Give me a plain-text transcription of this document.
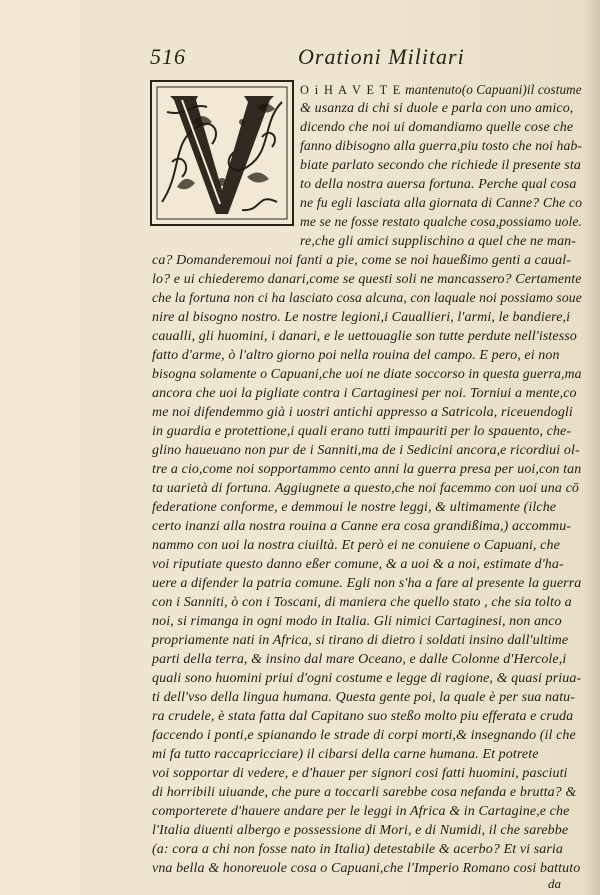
516	Orationi Militari
O i H A V E T E mantenuto(o Capuani)il costume
& usanza di chi si duole e parla con uno amico,
dicendo che noi ui domandiamo quelle cose che
fanno dibisogno alla guerra,piu tosto che noi hab-
biate parlato secondo che richiede il presente sta
to della nostra auersa fortuna. Perche qual cosa
ne fu egli lasciata alla giornata di Canne? Che co
me se ne fosse restato qualche cosa,possiamo uole.
re,che gli amici supplischino a quel che ne man-
ca? Domanderemoui noi fanti a pie, come se noi haueßimo genti a caual-
lo? e ui chiederemo danari,come se questi soli ne mancassero? Certamente
che la fortuna non ci ha lasciato cosa alcuna, con laquale noi possiamo soue
nire al bisogno nostro. Le nostre legioni,i Caualliеri, l'armi, le bandiere,i
caualli, gli huomini, i danari, e le uettouaglie son tutte perdute nell'istesso
fatto d'arme, ò l'altro giorno poi nella rouina del campo. E pero, ei non
bisogna solamente o Capuani,che uoi ne diate soccorso in questa guerra,ma
ancora che uoi la pigliate contra i Cartaginesi per noi. Torniui a mente,co
me noi difendemmo già i uostri antichi appresso a Satricola, riceuendogli
in guardia e protettione,i quali erano tutti impauriti per lo spauento, che-
glino haueuano non pur de i Sanniti,ma de i Sedicini ancora,e ricordiui ol-
tre a cio,come noi sopportammo cento anni la guerra presa per uoi,con tan
ta uarietà di fortuna. Aggiugnete a questo,che noi facemmo con uoi una cō
federatione conforme, e demmoui le nostre leggi, & ultimamente (ilche
certo inanzi alla nostra rouina a Canne era cosa grandißima,) accommu-
nammo con uoi la nostra ciuiltà. Et però ei ne conuiene o Capuani, che
voi riputiate questo danno eßer comune, & a uoi & a noi, estimate d'ha-
uere a difender la patria comune. Egli non s'ha a fare al presente la guerra
con i Sanniti, ò con i Toscani, di maniera che quello stato , che sia tolto a
noi, si rimanga in ogni modo in Italia. Gli nimici Cartaginesi, non anco
propriamente nati in Africa, si tirano di dietro i soldati insino dall'ultime
parti della terra, & insino dal mare Oceano, e dalle Colonne d'Hercole,i
quali sono huomini priui d'ogni costume e legge di ragione, & quasi priua-
ti dell'vso della lingua humana. Questa gente poi, la quale è per sua natu-
ra crudele, è stata fatta dal Capitano suo steßo molto piu efferata e cruda
faccendo i ponti,e spianando le strade di corpi morti,& insegnando (il che
mi fa tutto raccapricciare) il cibarsi della carne humana. Et potrete
voi sopportar di vedere, e d'hauer per signori cosi fatti huomini, pasciuti
di horribili uiuande, che pure a toccarli sarebbe cosa nefanda e brutta? &
comporterete d'hauere andare per le leggi in Africa & in Cartagine,e che
l'Italia diuenti albergo e possessione di Mori, e di Numidi, il che sarebbe
(a: cora a chi non fosse nato in Italia) detestabile & acerbo? Et vi saria
vna bella & honoreuole cosa o Capuani,che l'Imperio Romano cosi battuto
da
